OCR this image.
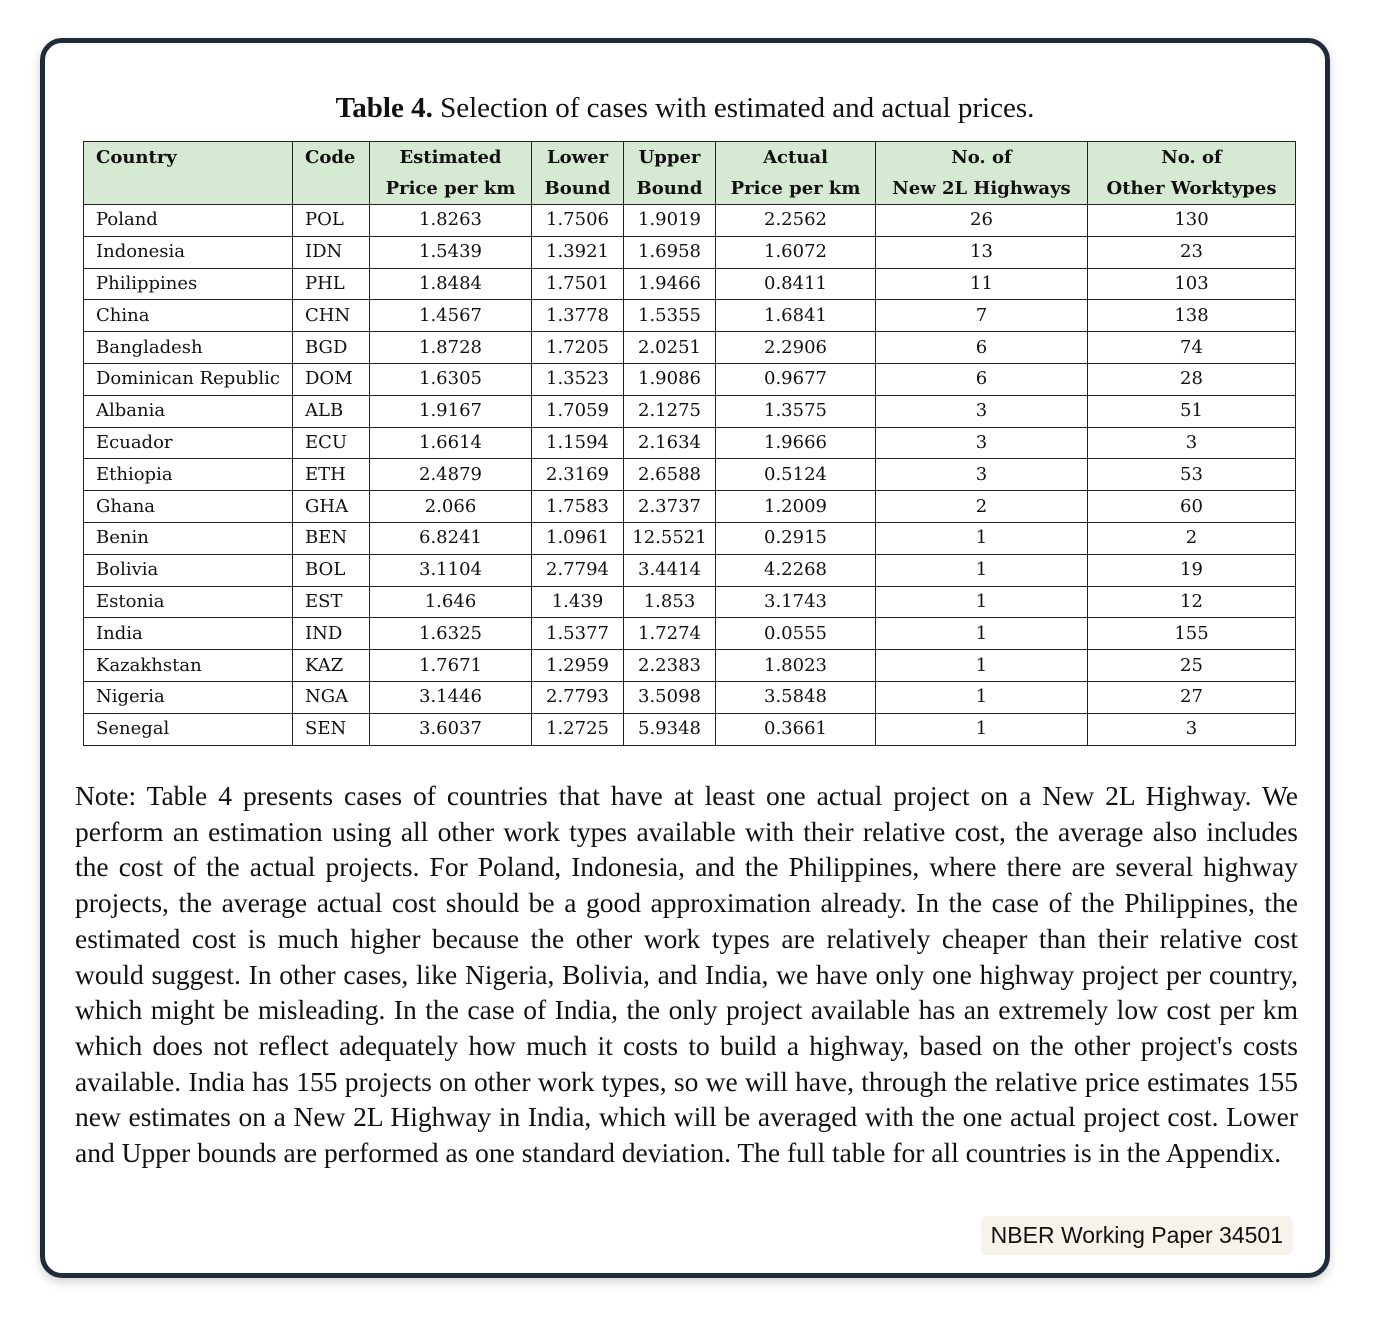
Table 4. Selection of cases with estimated and actual prices.
Country	Code	Estimated	Lower	Upper	Actual	No. of	No. of
		Price per km	Bound	Bound	Price per km	New 2L Highways	Other Worktypes
Poland	POL	1.8263	1.7506	1.9019	2.2562	26	130
Indonesia	IDN	1.5439	1.3921	1.6958	1.6072	13	23
Philippines	PHL	1.8484	1.7501	1.9466	0.8411	11	103
China	CHN	1.4567	1.3778	1.5355	1.6841	7	138
Bangladesh	BGD	1.8728	1.7205	2.0251	2.2906	6	74
Dominican Republic	DOM	1.6305	1.3523	1.9086	0.9677	6	28
Albania	ALB	1.9167	1.7059	2.1275	1.3575	3	51
Ecuador	ECU	1.6614	1.1594	2.1634	1.9666	3	3
Ethiopia	ETH	2.4879	2.3169	2.6588	0.5124	3	53
Ghana	GHA	2.066	1.7583	2.3737	1.2009	2	60
Benin	BEN	6.8241	1.0961	12.5521	0.2915	1	2
Bolivia	BOL	3.1104	2.7794	3.4414	4.2268	1	19
Estonia	EST	1.646	1.439	1.853	3.1743	1	12
India	IND	1.6325	1.5377	1.7274	0.0555	1	155
Kazakhstan	KAZ	1.7671	1.2959	2.2383	1.8023	1	25
Nigeria	NGA	3.1446	2.7793	3.5098	3.5848	1	27
Senegal	SEN	3.6037	1.2725	5.9348	0.3661	1	3
Note: Table 4 presents cases of countries that have at least one actual project on a New 2L Highway. We perform an estimation using all other work types available with their relative cost, the average also includes the cost of the actual projects. For Poland, Indonesia, and the Philippines, where there are several highway projects, the average actual cost should be a good approximation already. In the case of the Philippines, the estimated cost is much higher because the other work types are relatively cheaper than their relative cost would suggest. In other cases, like Nigeria, Bolivia, and India, we have only one highway project per country, which might be misleading. In the case of India, the only project available has an extremely low cost per km which does not reflect adequately how much it costs to build a highway, based on the other project's costs available. India has 155 projects on other work types, so we will have, through the relative price estimates 155 new estimates on a New 2L Highway in India, which will be averaged with the one actual project cost. Lower and Upper bounds are performed as one standard deviation. The full table for all countries is in the Appendix.
NBER Working Paper 34501
